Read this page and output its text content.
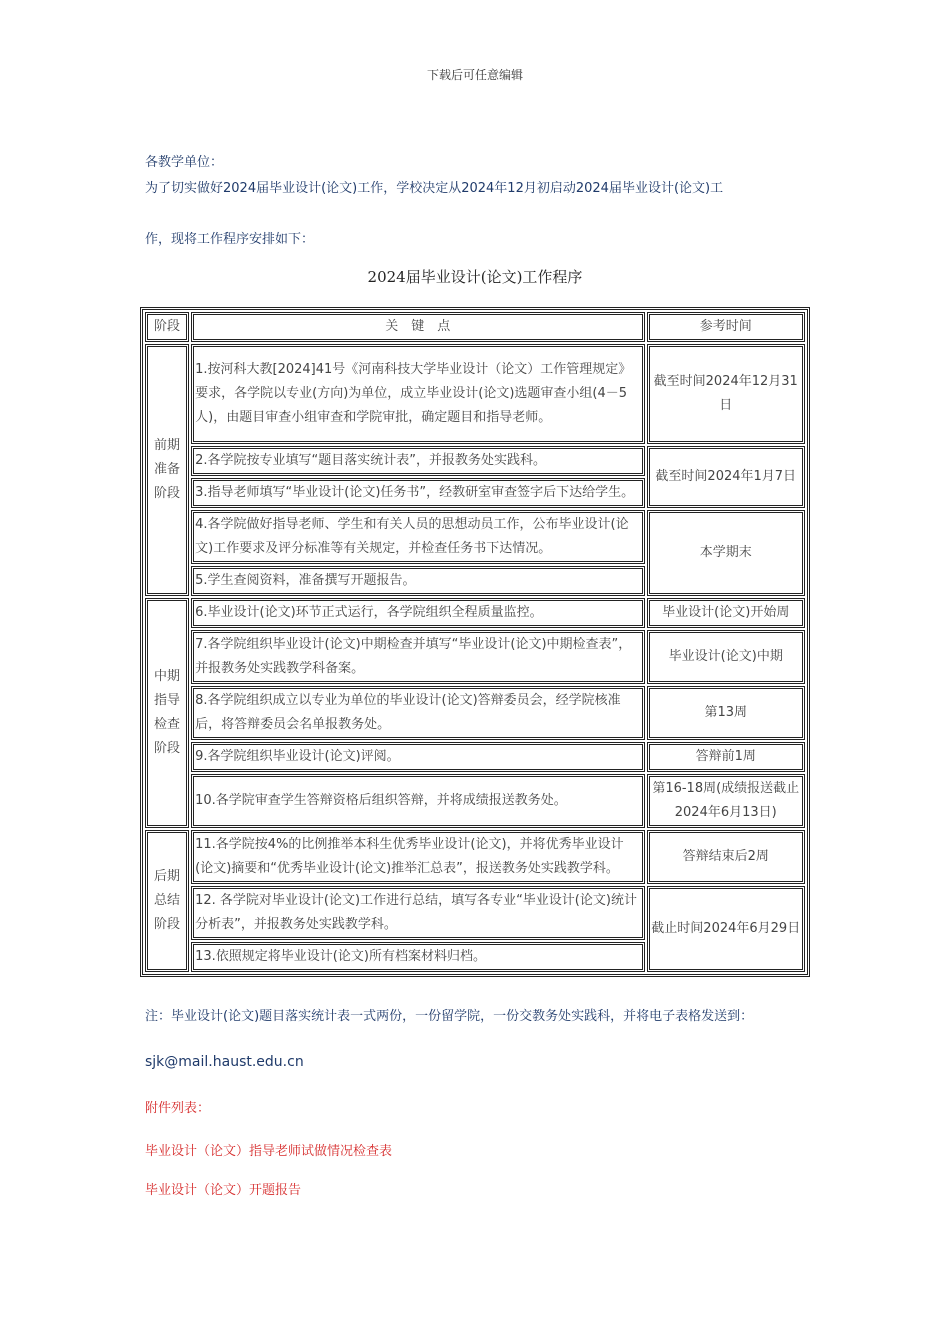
下载后可任意编辑
各教学单位：
为了切实做好2024届毕业设计(论文)工作，学校决定从2024年12月初启动2024届毕业设计(论文)工
作，现将工作程序安排如下：
2024届毕业设计(论文)工作程序
阶段	关　键　点	参考时间
前期准备阶段	1.按河科大教[2024]41号《河南科技大学毕业设计（论文）工作管理规定》要求，各学院以专业(方向)为单位，成立毕业设计(论文)选题审查小组(4－5人)，由题目审查小组审查和学院审批，确定题目和指导老师。	截至时间2024年12月31日
	2.各学院按专业填写“题目落实统计表”，并报教务处实践科。	截至时间2024年1月7日
	3.指导老师填写“毕业设计(论文)任务书”，经教研室审查签字后下达给学生。	
	4.各学院做好指导老师、学生和有关人员的思想动员工作，公布毕业设计(论文)工作要求及评分标准等有关规定，并检查任务书下达情况。	本学期末
	5.学生查阅资料，准备撰写开题报告。	
中期指导检查阶段	6.毕业设计(论文)环节正式运行，各学院组织全程质量监控。	毕业设计(论文)开始周
	7.各学院组织毕业设计(论文)中期检查并填写“毕业设计(论文)中期检查表”，并报教务处实践教学科备案。	毕业设计(论文)中期
	8.各学院组织成立以专业为单位的毕业设计(论文)答辩委员会，经学院核准后，将答辩委员会名单报教务处。	第13周
	9.各学院组织毕业设计(论文)评阅。	答辩前1周
	10.各学院审查学生答辩资格后组织答辩，并将成绩报送教务处。	第16-18周(成绩报送截止2024年6月13日)
后期总结阶段	11.各学院按4%的比例推举本科生优秀毕业设计(论文)，并将优秀毕业设计(论文)摘要和“优秀毕业设计(论文)推举汇总表”，报送教务处实践教学科。	答辩结束后2周
	12. 各学院对毕业设计(论文)工作进行总结，填写各专业“毕业设计(论文)统计分析表”，并报教务处实践教学科。	截止时间2024年6月29日
	13.依照规定将毕业设计(论文)所有档案材料归档。	
注：毕业设计(论文)题目落实统计表一式两份，一份留学院，一份交教务处实践科，并将电子表格发送到：
sjk@mail.haust.edu.cn
附件列表：
毕业设计（论文）指导老师试做情况检查表
毕业设计（论文）开题报告
